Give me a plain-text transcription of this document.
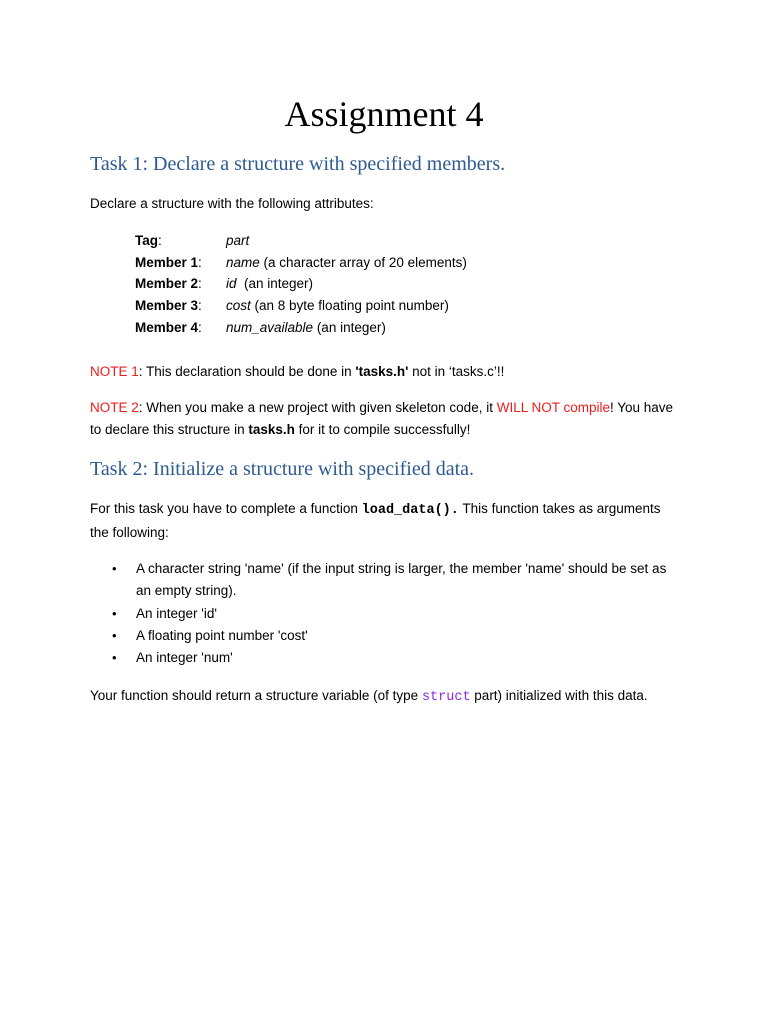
Assignment 4
Task 1: Declare a structure with specified members.
Declare a structure with the following attributes:
Tag:	part
Member 1: name (a character array of 20 elements)
Member 2: id  (an integer)
Member 3: cost (an 8 byte floating point number)
Member 4: num_available (an integer)
NOTE 1: This declaration should be done in 'tasks.h' not in ‘tasks.c’!!
NOTE 2: When you make a new project with given skeleton code, it WILL NOT compile! You have to declare this structure in tasks.h for it to compile successfully!
Task 2: Initialize a structure with specified data.
For this task you have to complete a function load_data(). This function takes as arguments the following:
• A character string 'name' (if the input string is larger, the member 'name' should be set as an empty string).
• An integer 'id'
• A floating point number 'cost'
• An integer 'num'
Your function should return a structure variable (of type struct part) initialized with this data.
